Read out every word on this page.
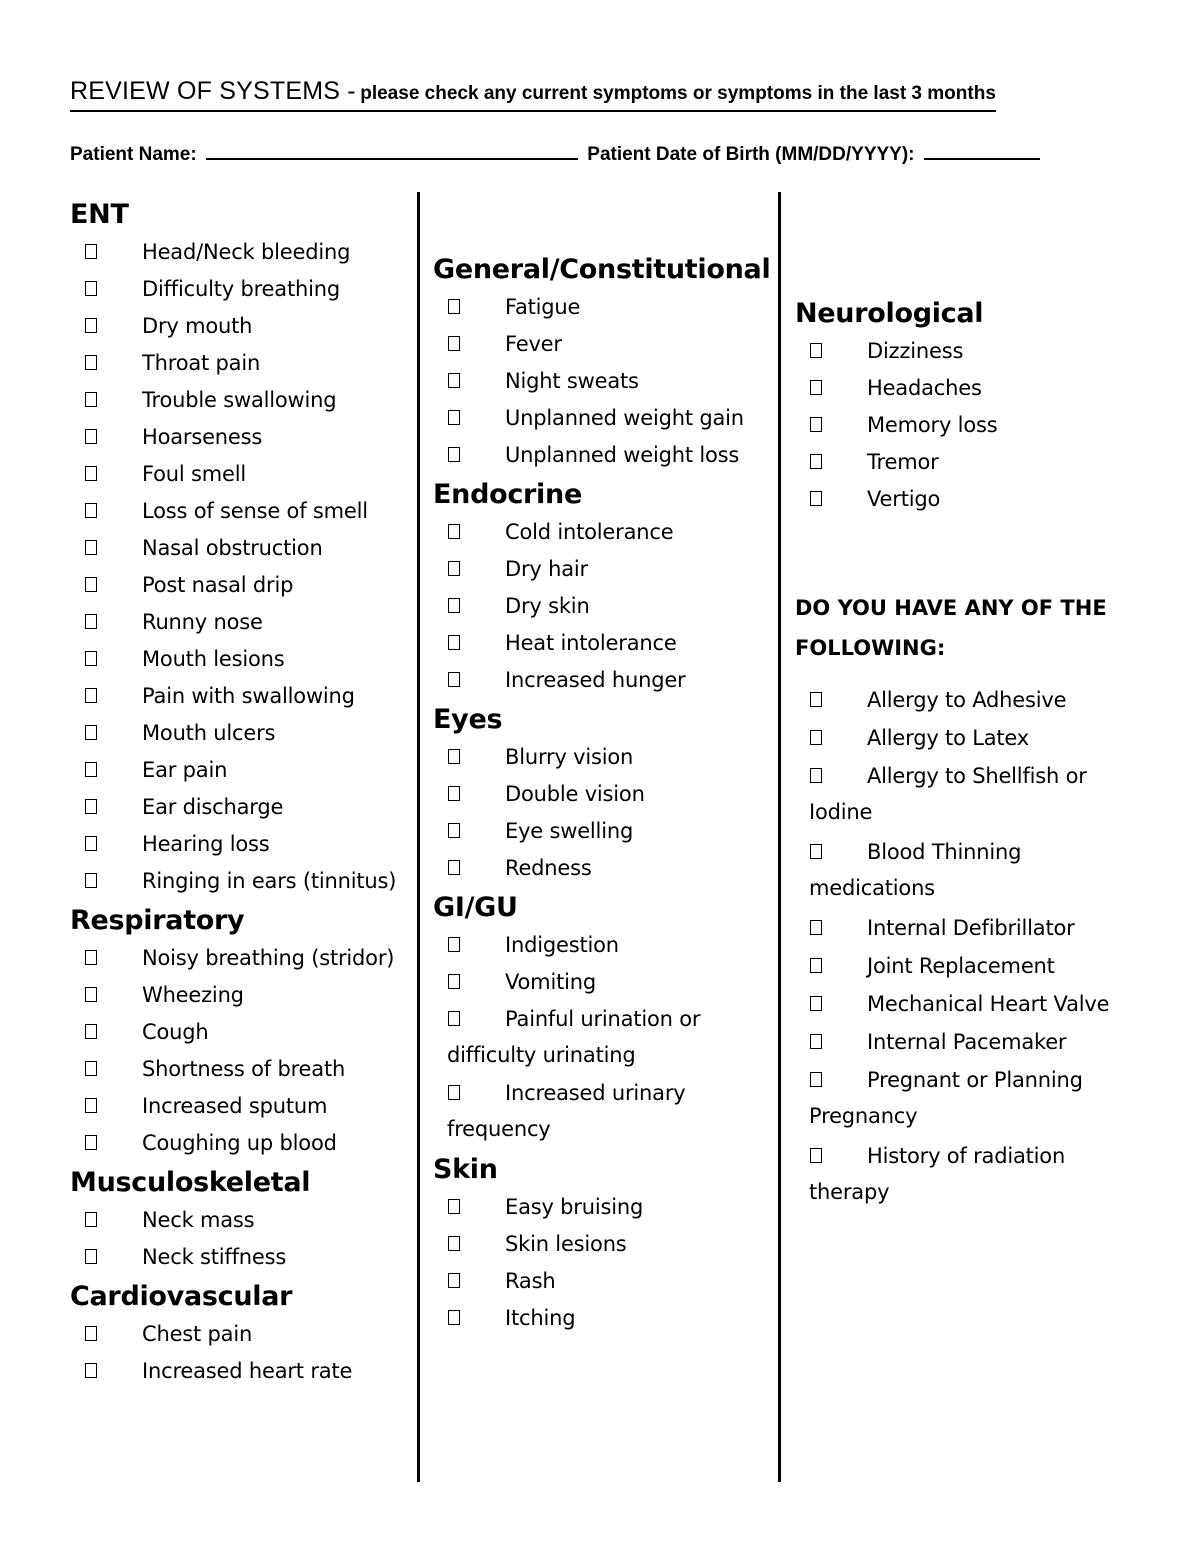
REVIEW OF SYSTEMS - please check any current symptoms or symptoms in the last 3 months
Patient Name:	Patient Date of Birth (MM/DD/YYYY):
ENT
Head/Neck bleeding
Difficulty breathing
Dry mouth
Throat pain
Trouble swallowing
Hoarseness
Foul smell
Loss of sense of smell
Nasal obstruction
Post nasal drip
Runny nose
Mouth lesions
Pain with swallowing
Mouth ulcers
Ear pain
Ear discharge
Hearing loss
Ringing in ears (tinnitus)
Respiratory
Noisy breathing (stridor)
Wheezing
Cough
Shortness of breath
Increased sputum
Coughing up blood
Musculoskeletal
Neck mass
Neck stiffness
Cardiovascular
Chest pain
Increased heart rate
General/Constitutional
Fatigue
Fever
Night sweats
Unplanned weight gain
Unplanned weight loss
Endocrine
Cold intolerance
Dry hair
Dry skin
Heat intolerance
Increased hunger
Eyes
Blurry vision
Double vision
Eye swelling
Redness
GI/GU
Indigestion
Vomiting
Painful urination or
difficulty urinating
Increased urinary
frequency
Skin
Easy bruising
Skin lesions
Rash
Itching
Neurological
Dizziness
Headaches
Memory loss
Tremor
Vertigo
DO YOU HAVE ANY OF THE
FOLLOWING:
Allergy to Adhesive
Allergy to Latex
Allergy to Shellfish or
Iodine
Blood Thinning
medications
Internal Defibrillator
Joint Replacement
Mechanical Heart Valve
Internal Pacemaker
Pregnant or Planning
Pregnancy
History of radiation
therapy
